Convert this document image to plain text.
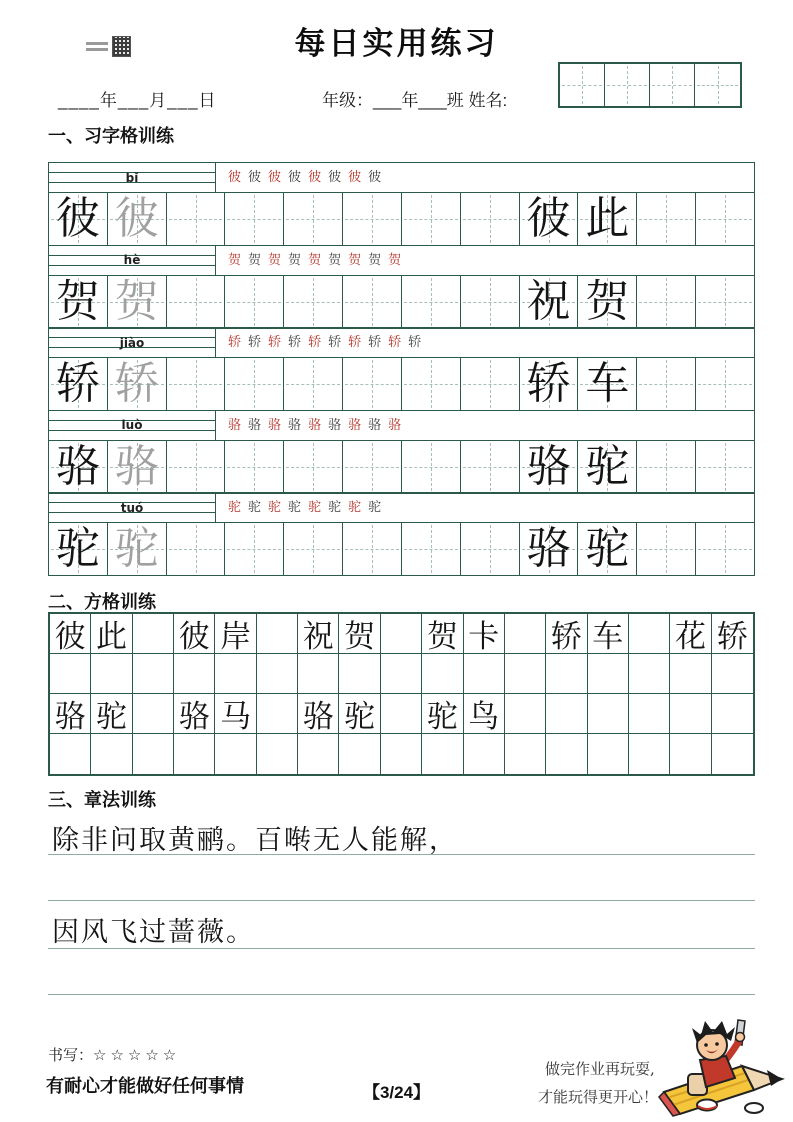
每日实用练习
____年___月___日	年级：___年___班 姓名:
一、习字格训练
bǐ	彼 彼 彼 彼 彼 彼 彼 彼
彼 彼	彼 此
hè	贺 贺 贺 贺 贺 贺 贺 贺 贺
贺 贺	祝 贺
jiào	轿 轿 轿 轿 轿 轿 轿 轿 轿 轿
轿 轿	轿 车
luò	骆 骆 骆 骆 骆 骆 骆 骆 骆
骆 骆	骆 驼
tuó	驼 驼 驼 驼 驼 驼 驼 驼
驼 驼	骆 驼
二、方格训练
彼 此 彼 岸 祝 贺 贺 卡 轿 车 花 轿
骆 驼 骆 马 骆 驼 驼 鸟
三、章法训练
除非问取黄鹂。百啭无人能解，
因风飞过蔷薇。
书写：☆☆☆☆☆
有耐心才能做好任何事情	【3/24】
做完作业再玩耍,
才能玩得更开心！
